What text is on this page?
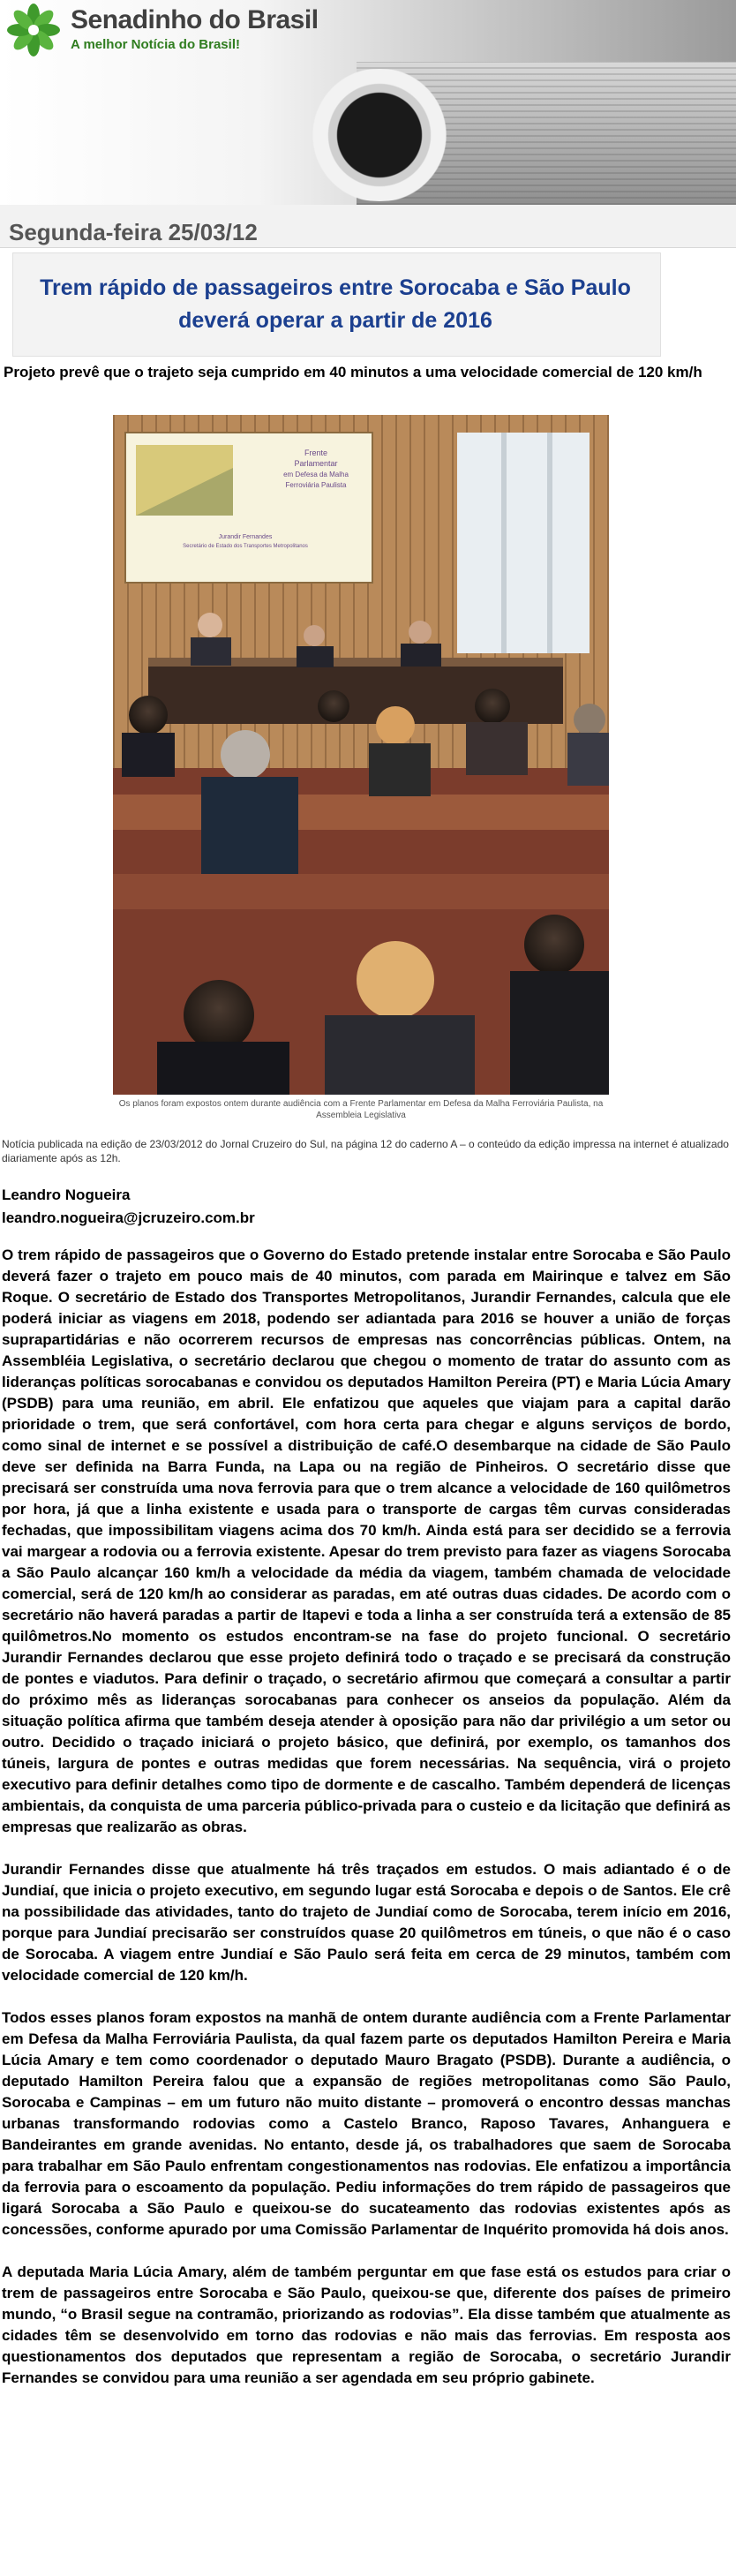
Senadinho do Brasil
A melhor Notícia do Brasil!
Segunda-feira 25/03/12
Trem rápido de passageiros entre Sorocaba e São Paulo deverá operar a partir de 2016
Projeto prevê que o trajeto seja cumprido em 40 minutos a uma velocidade comercial de 120 km/h
Frente
Parlamentar
em Defesa da Malha
Ferroviária Paulista
Jurandir Fernandes
Secretário de Estado dos Transportes Metropolitanos
Os planos foram expostos ontem durante audiência com a Frente Parlamentar em Defesa da Malha Ferroviária Paulista, na Assembleia Legislativa
Notícia publicada na edição de 23/03/2012 do Jornal Cruzeiro do Sul, na página 12 do caderno A – o conteúdo da edição impressa na internet é atualizado diariamente após as 12h.
Leandro Nogueira
leandro.nogueira@jcruzeiro.com.br

O trem rápido de passageiros que o Governo do Estado pretende instalar entre Sorocaba e São Paulo deverá fazer o trajeto em pouco mais de 40 minutos, com parada em Mairinque e talvez em São Roque. O secretário de Estado dos Transportes Metropolitanos, Jurandir Fernandes, calcula que ele poderá iniciar as viagens em 2018, podendo ser adiantada para 2016 se houver a união de forças suprapartidárias e não ocorrerem recursos de empresas nas concorrências públicas. Ontem, na Assembléia Legislativa, o secretário declarou que chegou o momento de tratar do assunto com as lideranças políticas sorocabanas e convidou os deputados Hamilton Pereira (PT) e Maria Lúcia Amary (PSDB) para uma reunião, em abril. Ele enfatizou que aqueles que viajam para a capital darão prioridade o trem, que será confortável, com hora certa para chegar e alguns serviços de bordo, como sinal de internet e se possível a distribuição de café.O desembarque na cidade de São Paulo deve ser definida na Barra Funda, na Lapa ou na região de Pinheiros. O secretário disse que precisará ser construída uma nova ferrovia para que o trem alcance a velocidade de 160 quilômetros por hora, já que a linha existente e usada para o transporte de cargas têm curvas consideradas fechadas, que impossibilitam viagens acima dos 70 km/h. Ainda está para ser decidido se a ferrovia vai margear a rodovia ou a ferrovia existente. Apesar do trem previsto para fazer as viagens Sorocaba a São Paulo alcançar 160 km/h a velocidade da média da viagem, também chamada de velocidade comercial, será de 120 km/h ao considerar as paradas, em até outras duas cidades. De acordo com o secretário não haverá paradas a partir de Itapevi e toda a linha a ser construída terá a extensão de 85 quilômetros.No momento os estudos encontram-se na fase do projeto funcional. O secretário Jurandir Fernandes declarou que esse projeto definirá todo o traçado e se precisará da construção de pontes e viadutos. Para definir o traçado, o secretário afirmou que começará a consultar a partir do próximo mês as lideranças sorocabanas para conhecer os anseios da população. Além da situação política afirma que também deseja atender à oposição para não dar privilégio a um setor ou outro. Decidido o traçado iniciará o projeto básico, que definirá, por exemplo, os tamanhos dos túneis, largura de pontes e outras medidas que forem necessárias. Na sequência, virá o projeto executivo para definir detalhes como tipo de dormente e de cascalho. Também dependerá de licenças ambientais, da conquista de uma parceria público-privada para o custeio e da licitação que definirá as empresas que realizarão as obras.

Jurandir Fernandes disse que atualmente há três traçados em estudos. O mais adiantado é o de Jundiaí, que inicia o projeto executivo, em segundo lugar está Sorocaba e depois o de Santos. Ele crê na possibilidade das atividades, tanto do trajeto de Jundiaí como de Sorocaba, terem início em 2016, porque para Jundiaí precisarão ser construídos quase 20 quilômetros em túneis, o que não é o caso de Sorocaba. A viagem entre Jundiaí e São Paulo será feita em cerca de 29 minutos, também com velocidade comercial de 120 km/h.

Todos esses planos foram expostos na manhã de ontem durante audiência com a Frente Parlamentar em Defesa da Malha Ferroviária Paulista, da qual fazem parte os deputados Hamilton Pereira e Maria Lúcia Amary e tem como coordenador o deputado Mauro Bragato (PSDB). Durante a audiência, o deputado Hamilton Pereira falou que a expansão de regiões metropolitanas como São Paulo, Sorocaba e Campinas – em um futuro não muito distante – promoverá o encontro dessas manchas urbanas transformando rodovias como a Castelo Branco, Raposo Tavares, Anhanguera e Bandeirantes em grande avenidas. No entanto, desde já, os trabalhadores que saem de Sorocaba para trabalhar em São Paulo enfrentam congestionamentos nas rodovias. Ele enfatizou a importância da ferrovia para o escoamento da população. Pediu informações do trem rápido de passageiros que ligará Sorocaba a São Paulo e queixou-se do sucateamento das rodovias existentes após as concessões, conforme apurado por uma Comissão Parlamentar de Inquérito promovida há dois anos.

A deputada Maria Lúcia Amary, além de também perguntar em que fase está os estudos para criar o trem de passageiros entre Sorocaba e São Paulo, queixou-se que, diferente dos países de primeiro mundo, “o Brasil segue na contramão, priorizando as rodovias”. Ela disse também que atualmente as cidades têm se desenvolvido em torno das rodovias e não mais das ferrovias. Em resposta aos questionamentos dos deputados que representam a região de Sorocaba, o secretário Jurandir Fernandes se convidou para uma reunião a ser agendada em seu próprio gabinete.
